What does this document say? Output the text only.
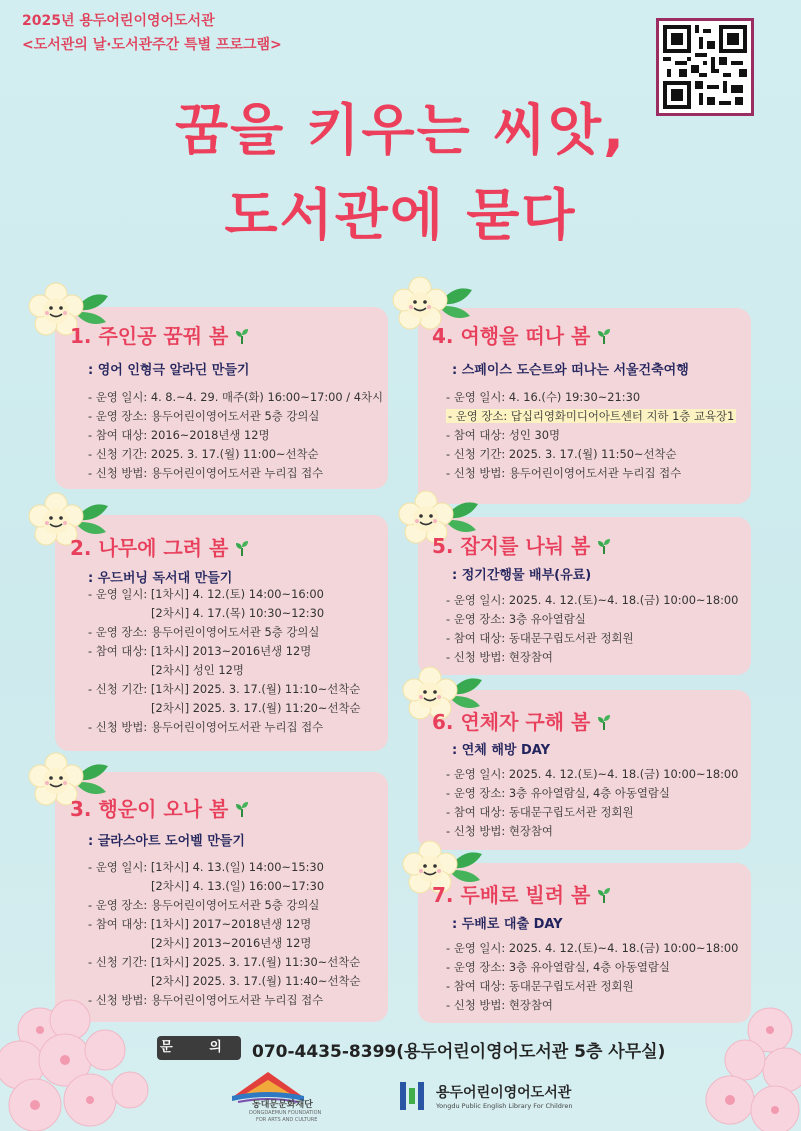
2025년 용두어린이영어도서관
<도서관의 날·도서관주간 특별 프로그램>
꿈을 키우는 씨앗,
도서관에 묻다
1. 주인공 꿈꿔 봄
: 영어 인형극 알라딘 만들기
2. 나무에 그려 봄
: 우드버닝 독서대 만들기
3. 행운이 오나 봄
: 글라스아트 도어벨 만들기
4. 여행을 떠나 봄
: 스페이스 도슨트와 떠나는 서울건축여행
5. 잡지를 나눠 봄
: 정기간행물 배부(유료)
6. 연체자 구해 봄
: 연체 해방 DAY
7. 두배로 빌려 봄
: 두배로 대출 DAY
- 운영 일시: 4. 8.~4. 29. 매주(화) 16:00~17:00 / 4차시
- 운영 장소: 용두어린이영어도서관 5층 강의실
- 참여 대상: 2016~2018년생 12명
- 신청 기간: 2025. 3. 17.(월) 11:00~선착순
- 신청 방법: 용두어린이영어도서관 누리집 접수
- 운영 일시: [1차시] 4. 12.(토) 14:00~16:00
[2차시] 4. 17.(목) 10:30~12:30
- 운영 장소: 용두어린이영어도서관 5층 강의실
- 참여 대상: [1차시] 2013~2016년생 12명
[2차시] 성인 12명
- 신청 기간: [1차시] 2025. 3. 17.(월) 11:10~선착순
[2차시] 2025. 3. 17.(월) 11:20~선착순
- 신청 방법: 용두어린이영어도서관 누리집 접수
- 운영 일시: [1차시] 4. 13.(일) 14:00~15:30
[2차시] 4. 13.(일) 16:00~17:30
- 운영 장소: 용두어린이영어도서관 5층 강의실
- 참여 대상: [1차시] 2017~2018년생 12명
[2차시] 2013~2016년생 12명
- 신청 기간: [1차시] 2025. 3. 17.(월) 11:30~선착순
[2차시] 2025. 3. 17.(월) 11:40~선착순
- 신청 방법: 용두어린이영어도서관 누리집 접수
- 운영 일시: 4. 16.(수) 19:30~21:30
- 운영 장소: 답십리영화미디어아트센터 지하 1층 교육장1
- 참여 대상: 성인 30명
- 신청 기간: 2025. 3. 17.(월) 11:50~선착순
- 신청 방법: 용두어린이영어도서관 누리집 접수
- 운영 일시: 2025. 4. 12.(토)~4. 18.(금) 10:00~18:00
- 운영 장소: 3층 유아열람실
- 참여 대상: 동대문구립도서관 정회원
- 신청 방법: 현장참여
- 운영 일시: 2025. 4. 12.(토)~4. 18.(금) 10:00~18:00
- 운영 장소: 3층 유아열람실, 4층 아동열람실
- 참여 대상: 동대문구립도서관 정회원
- 신청 방법: 현장참여
- 운영 일시: 2025. 4. 12.(토)~4. 18.(금) 10:00~18:00
- 운영 장소: 3층 유아열람실, 4층 아동열람실
- 참여 대상: 동대문구립도서관 정회원
- 신청 방법: 현장참여
문 의 070-4435-8399(용두어린이영어도서관 5층 사무실)
동대문문화재단
DONGDAEMUN FOUNDATION
FOR ARTS AND CULTURE
용두어린이영어도서관
Yongdu Public English Library For Children
